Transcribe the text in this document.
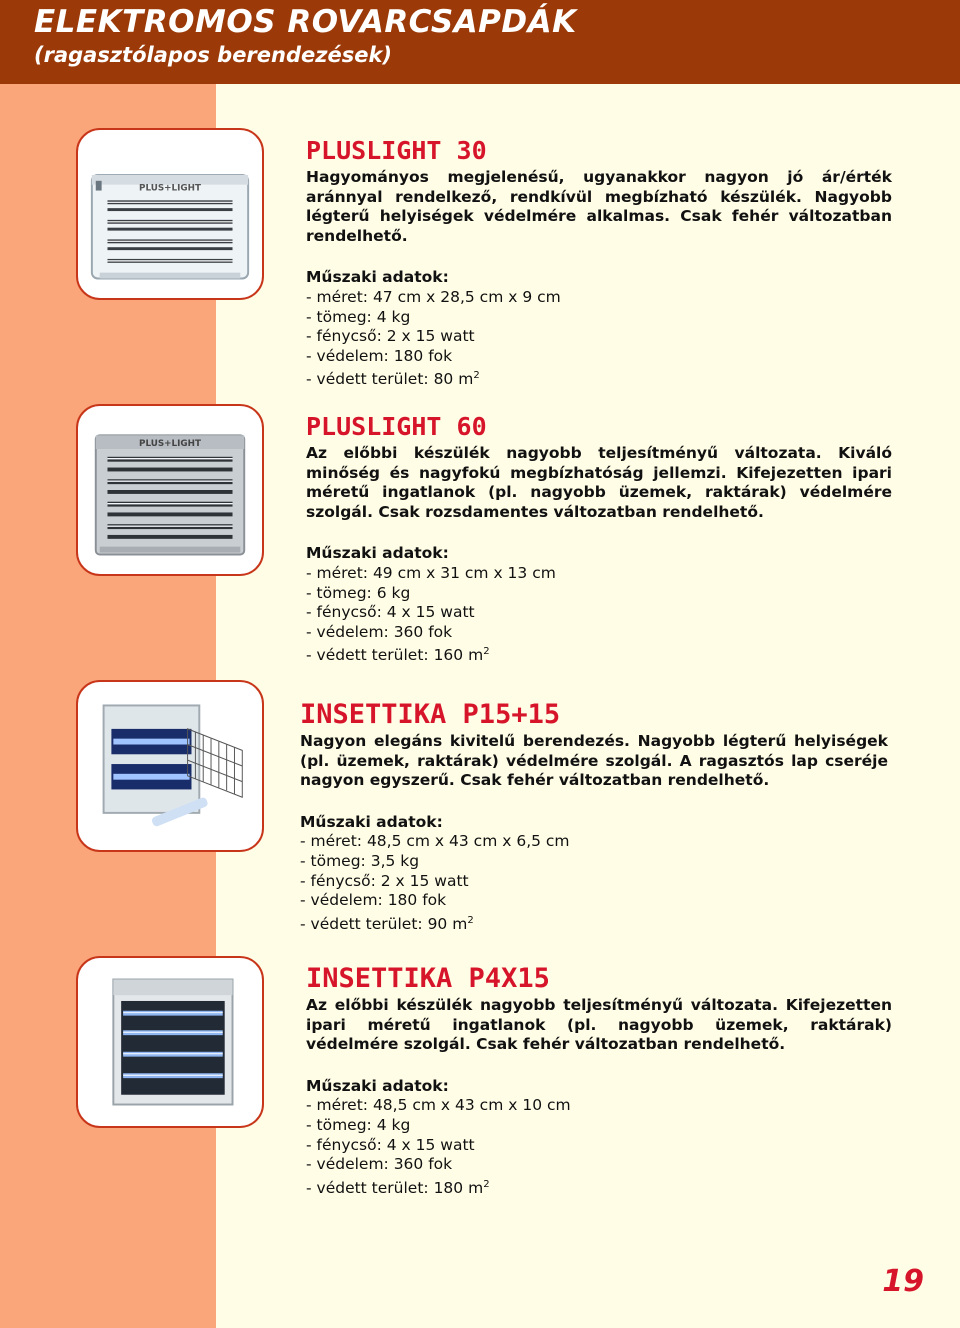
ELEKTROMOS ROVARCSAPDÁK
(ragasztólapos berendezések)
PLUS+LIGHT
PLUS+LIGHT
PLUSLIGHT 30

Hagyományos megjelenésű, ugyanakkor nagyon jó ár/érték aránnyal rendelkező, rendkívül megbízható készülék. Nagyobb légterű helyiségek védelmére alkalmas. Csak fehér változatban rendelhető.

Műszaki adatok:
- méret: 47 cm x 28,5 cm x 9 cm
- tömeg: 4 kg
- fénycső: 2 x 15 watt
- védelem: 180 fok
- védett terület: 80 $m^2$
PLUSLIGHT 60

Az előbbi készülék nagyobb teljesítményű változata. Kiváló minőség és nagyfokú megbízhatóság jellemzi. Kifejezetten ipari méretű ingatlanok (pl. nagyobb üzemek, raktárak) védelmére szolgál. Csak rozsdamentes változatban rendelhető.

Műszaki adatok:
- méret: 49 cm x 31 cm x 13 cm
- tömeg: 6 kg
- fénycső: 4 x 15 watt
- védelem: 360 fok
- védett terület: 160 $m^2$
INSETTIKA P15+15

Nagyon elegáns kivitelű berendezés. Nagyobb légterű helyiségek (pl. üzemek, raktárak) védelmére szolgál. A ragasztós lap cseréje nagyon egyszerű. Csak fehér változatban rendelhető.

Műszaki adatok:
- méret: 48,5 cm x 43 cm x 6,5 cm
- tömeg: 3,5 kg
- fénycső: 2 x 15 watt
- védelem: 180 fok
- védett terület: 90 $m^2$
INSETTIKA P4X15

Az előbbi készülék nagyobb teljesítményű változata. Kifejezetten ipari méretű ingatlanok (pl. nagyobb üzemek, raktárak) védelmére szolgál. Csak fehér változatban rendelhető.

Műszaki adatok:
- méret: 48,5 cm x 43 cm x 10 cm
- tömeg: 4 kg
- fénycső: 4 x 15 watt
- védelem: 360 fok
- védett terület: 180 $m^2$
19
